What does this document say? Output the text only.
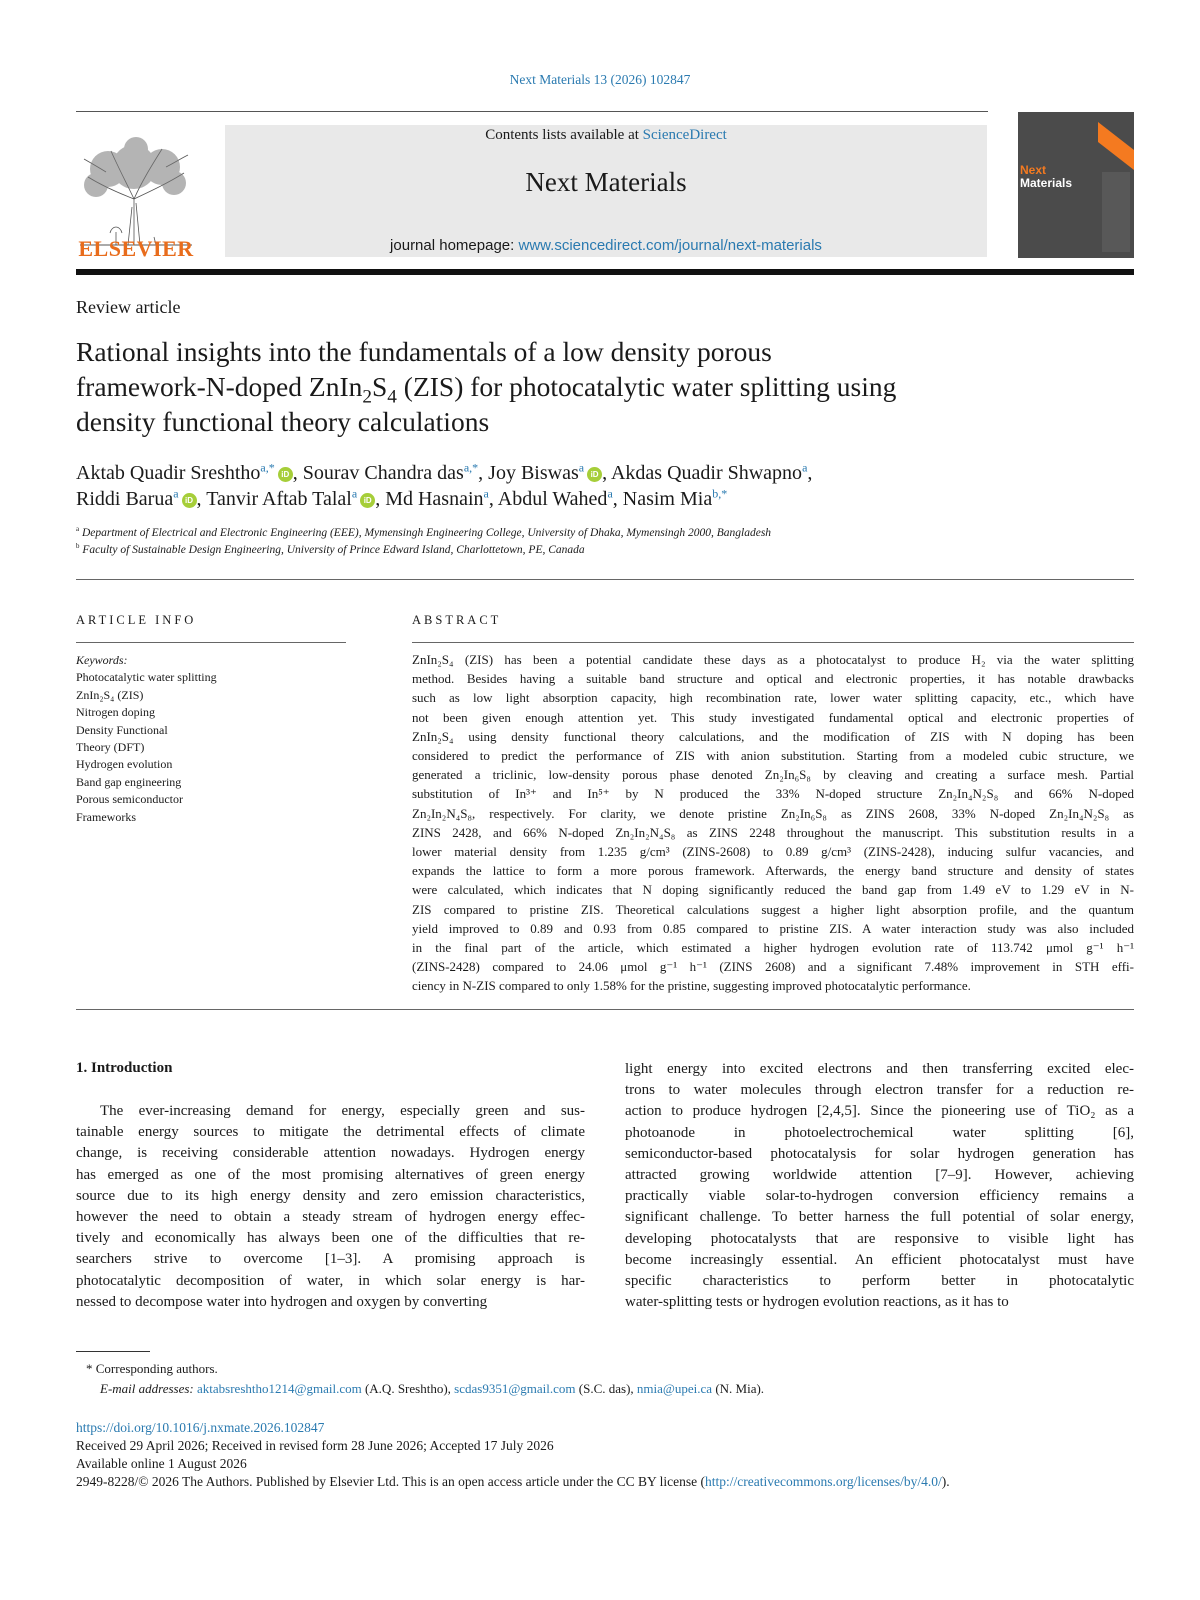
Next Materials 13 (2026) 102847
ELSEVIER
Contents lists available at ScienceDirect
Next Materials
journal homepage: www.sciencedirect.com/journal/next-materials
Next
Materials
Review article
Rational insights into the fundamentals of a low density porous
framework-N-doped $ZnIn_2S_4$ (ZIS) for photocatalytic water splitting using
density functional theory calculations
Aktab Quadir Sreshtho$^{a,*}$iD , Sourav Chandra das$^{a,*}$, Joy Biswas$^a$iD , Akdas Quadir Shwapno$^a$,
Riddi Barua$^a$iD , Tanvir Aftab Talal$^a$iD , Md Hasnain$^a$, Abdul Wahed$^a$, Nasim Mia$^{b,*}$
$^a$ Department of Electrical and Electronic Engineering (EEE), Mymensingh Engineering College, University of Dhaka, Mymensingh 2000, Bangladesh
$^b$ Faculty of Sustainable Design Engineering, University of Prince Edward Island, Charlottetown, PE, Canada
ARTICLE INFO
Keywords:
Photocatalytic water splitting
ZnIn₂S₄ (ZIS)
Nitrogen doping
Density Functional
Theory (DFT)
Hydrogen evolution
Band gap engineering
Porous semiconductor
Frameworks
ABSTRACT
ZnIn₂S₄ (ZIS) has been a potential candidate these days as a photocatalyst to produce H₂ via the water splitting
method. Besides having a suitable band structure and optical and electronic properties, it has notable drawbacks
such as low light absorption capacity, high recombination rate, lower water splitting capacity, etc., which have
not been given enough attention yet. This study investigated fundamental optical and electronic properties of
ZnIn₂S₄ using density functional theory calculations, and the modification of ZIS with N doping has been
considered to predict the performance of ZIS with anion substitution. Starting from a modeled cubic structure, we
generated a triclinic, low-density porous phase denoted Zn₂In₆S₈ by cleaving and creating a surface mesh. Partial
substitution of In³⁺ and In⁵⁺ by N produced the 33% N-doped structure Zn₂In₄N₂S₈ and 66% N-doped
Zn₂In₂N₄S₈, respectively. For clarity, we denote pristine Zn₂In₆S₈ as ZINS 2608, 33% N-doped Zn₂In₄N₂S₈ as
ZINS 2428, and 66% N-doped Zn₂In₂N₄S₈ as ZINS 2248 throughout the manuscript. This substitution results in a
lower material density from 1.235 g/cm³ (ZINS-2608) to 0.89 g/cm³ (ZINS-2428), inducing sulfur vacancies, and
expands the lattice to form a more porous framework. Afterwards, the energy band structure and density of states
were calculated, which indicates that N doping significantly reduced the band gap from 1.49 eV to 1.29 eV in N-
ZIS compared to pristine ZIS. Theoretical calculations suggest a higher light absorption profile, and the quantum
yield improved to 0.89 and 0.93 from 0.85 compared to pristine ZIS. A water interaction study was also included
in the final part of the article, which estimated a higher hydrogen evolution rate of 113.742 μmol g⁻¹ h⁻¹
(ZINS-2428) compared to 24.06 μmol g⁻¹ h⁻¹ (ZINS 2608) and a significant 7.48% improvement in STH effi-
ciency in N-ZIS compared to only 1.58% for the pristine, suggesting improved photocatalytic performance.
1. Introduction
The ever-increasing demand for energy, especially green and sus-
tainable energy sources to mitigate the detrimental effects of climate
change, is receiving considerable attention nowadays. Hydrogen energy
has emerged as one of the most promising alternatives of green energy
source due to its high energy density and zero emission characteristics,
however the need to obtain a steady stream of hydrogen energy effec-
tively and economically has always been one of the difficulties that re-
searchers strive to overcome [1–3]. A promising approach is
photocatalytic decomposition of water, in which solar energy is har-
nessed to decompose water into hydrogen and oxygen by converting
light energy into excited electrons and then transferring excited elec-
trons to water molecules through electron transfer for a reduction re-
action to produce hydrogen [2,4,5]. Since the pioneering use of TiO₂ as a
photoanode in photoelectrochemical water splitting [6],
semiconductor-based photocatalysis for solar hydrogen generation has
attracted growing worldwide attention [7–9]. However, achieving
practically viable solar-to-hydrogen conversion efficiency remains a
significant challenge. To better harness the full potential of solar energy,
developing photocatalysts that are responsive to visible light has
become increasingly essential. An efficient photocatalyst must have
specific characteristics to perform better in photocatalytic
water-splitting tests or hydrogen evolution reactions, as it has to
* Corresponding authors.
E-mail addresses: aktabsreshtho1214@gmail.com (A.Q. Sreshtho), scdas9351@gmail.com (S.C. das), nmia@upei.ca (N. Mia).
https://doi.org/10.1016/j.nxmate.2026.102847
Received 29 April 2026; Received in revised form 28 June 2026; Accepted 17 July 2026
Available online 1 August 2026
2949-8228/© 2026 The Authors. Published by Elsevier Ltd. This is an open access article under the CC BY license (http://creativecommons.org/licenses/by/4.0/).
